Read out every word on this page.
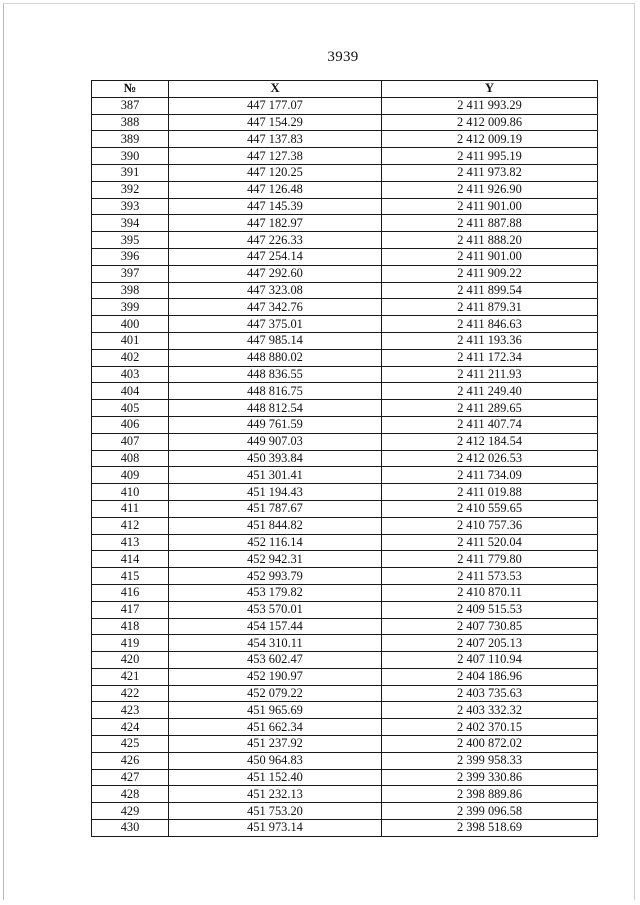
3939
№	X	Y
387	447 177.07	2 411 993.29
388	447 154.29	2 412 009.86
389	447 137.83	2 412 009.19
390	447 127.38	2 411 995.19
391	447 120.25	2 411 973.82
392	447 126.48	2 411 926.90
393	447 145.39	2 411 901.00
394	447 182.97	2 411 887.88
395	447 226.33	2 411 888.20
396	447 254.14	2 411 901.00
397	447 292.60	2 411 909.22
398	447 323.08	2 411 899.54
399	447 342.76	2 411 879.31
400	447 375.01	2 411 846.63
401	447 985.14	2 411 193.36
402	448 880.02	2 411 172.34
403	448 836.55	2 411 211.93
404	448 816.75	2 411 249.40
405	448 812.54	2 411 289.65
406	449 761.59	2 411 407.74
407	449 907.03	2 412 184.54
408	450 393.84	2 412 026.53
409	451 301.41	2 411 734.09
410	451 194.43	2 411 019.88
411	451 787.67	2 410 559.65
412	451 844.82	2 410 757.36
413	452 116.14	2 411 520.04
414	452 942.31	2 411 779.80
415	452 993.79	2 411 573.53
416	453 179.82	2 410 870.11
417	453 570.01	2 409 515.53
418	454 157.44	2 407 730.85
419	454 310.11	2 407 205.13
420	453 602.47	2 407 110.94
421	452 190.97	2 404 186.96
422	452 079.22	2 403 735.63
423	451 965.69	2 403 332.32
424	451 662.34	2 402 370.15
425	451 237.92	2 400 872.02
426	450 964.83	2 399 958.33
427	451 152.40	2 399 330.86
428	451 232.13	2 398 889.86
429	451 753.20	2 399 096.58
430	451 973.14	2 398 518.69
